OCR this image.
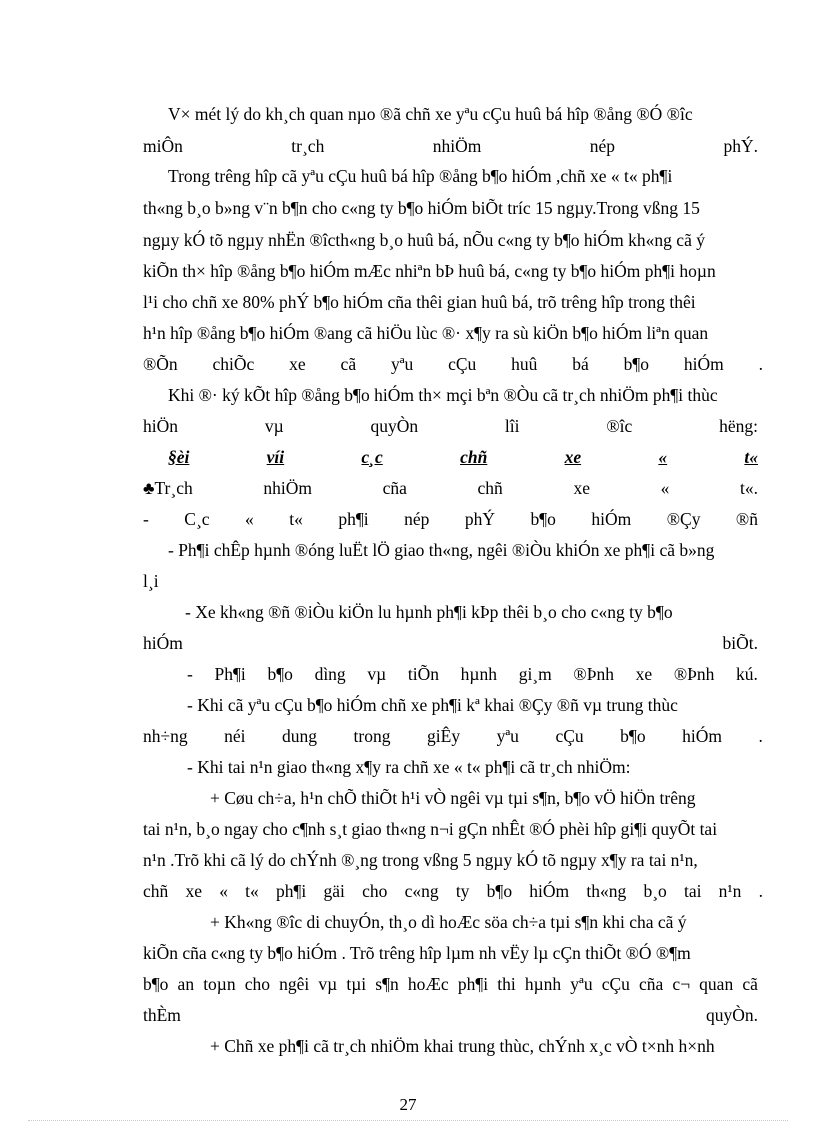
V× mét lý do kh¸ch quan nµo ®ã chñ xe yªu cÇu huû bá hîp ®ång ®Ó ®îc
miÔn	tr¸ch	nhiÖm	nép	phÝ.
Trong trêng hîp cã yªu cÇu huû bá hîp ®ång b¶o hiÓm ,chñ xe « t« ph¶i
th«ng b¸o b»ng v¨n b¶n cho c«ng ty b¶o hiÓm biÕt tríc 15 ngµy.Trong vßng 15
ngµy kÓ tõ ngµy nhËn ®îcth«ng b¸o huû bá, nÕu c«ng ty b¶o hiÓm kh«ng cã ý
kiÕn th× hîp ®ång b¶o hiÓm mÆc nhiªn bÞ huû bá, c«ng ty b¶o hiÓm ph¶i hoµn
l¹i cho chñ xe 80% phÝ b¶o hiÓm cña thêi gian huû bá, trõ trêng hîp trong thêi
h¹n hîp ®ång b¶o hiÓm ®ang cã hiÖu lùc ®· x¶y ra sù kiÖn b¶o hiÓm liªn quan
®Õn chiÕc xe cã yªu cÇu huû bá b¶o hiÓm .
Khi ®· ký kÕt hîp ®ång b¶o hiÓm th× mçi bªn ®Òu cã tr¸ch nhiÖm ph¶i thùc
hiÖn	vµ	quyÒn	lîi	®îc	hëng:
§èi	víi	c¸c	chñ	xe	«	t«
♣Tr¸ch	nhiÖm	cña	chñ	xe	«	t«.
- C¸c « t« ph¶i nép phÝ b¶o hiÓm ®Çy ®ñ
- Ph¶i chÊp hµnh ®óng luËt lÖ giao th«ng, ngêi ®iÒu khiÓn xe ph¶i cã b»ng
l¸i
- Xe kh«ng ®ñ ®iÒu kiÖn lu hµnh ph¶i kÞp thêi b¸o cho c«ng ty b¶o
hiÓm	biÕt.
- Ph¶i b¶o dìng vµ tiÕn hµnh gi¸m ®Þnh xe ®Þnh kú.
- Khi cã yªu cÇu b¶o hiÓm chñ xe ph¶i kª khai ®Çy ®ñ vµ trung thùc
nh÷ng néi dung trong giÊy yªu cÇu b¶o hiÓm .
- Khi tai n¹n giao th«ng x¶y ra chñ xe « t« ph¶i cã tr¸ch nhiÖm:
+ Cøu ch÷a, h¹n chÕ thiÕt h¹i vÒ ngêi vµ tµi s¶n, b¶o vÖ hiÖn trêng
tai n¹n, b¸o ngay cho c¶nh s¸t giao th«ng n¬i gÇn nhÊt ®Ó phèi hîp gi¶i quyÕt tai
n¹n .Trõ khi cã lý do chÝnh ®¸ng trong vßng 5 ngµy kÓ tõ ngµy x¶y ra tai n¹n,
chñ xe « t« ph¶i gäi cho c«ng ty b¶o hiÓm th«ng b¸o tai n¹n .
+ Kh«ng ®îc di chuyÓn, th¸o dì hoÆc söa ch÷a tµi s¶n khi cha cã ý
kiÕn cña c«ng ty b¶o hiÓm . Trõ trêng hîp lµm nh vËy lµ cÇn thiÕt ®Ó ®¶m
b¶o an toµn cho ngêi vµ tµi s¶n hoÆc ph¶i thi hµnh yªu cÇu cña c¬ quan cã
thÈm	quyÒn.
+ Chñ xe ph¶i cã tr¸ch nhiÖm khai trung thùc, chÝnh x¸c vÒ t×nh h×nh
27
